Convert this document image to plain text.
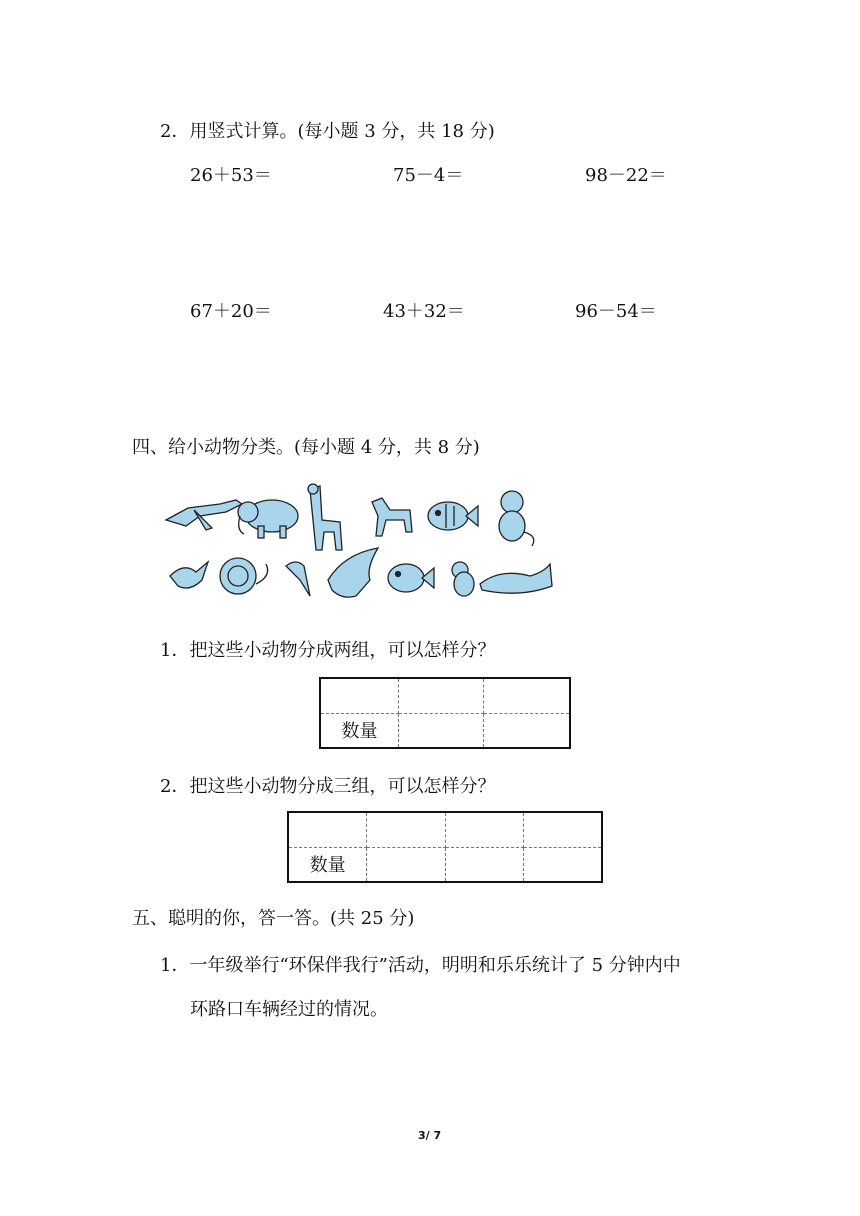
2．用竖式计算。(每小题 3 分，共 18 分)
26＋53＝	75－4＝	98－22＝
67＋20＝	43＋32＝	96－54＝
四、给小动物分类。(每小题 4 分，共 8 分)
1．把这些小动物分成两组，可以怎样分？

数量		
2．把这些小动物分成三组，可以怎样分？

数量			
五、聪明的你，答一答。(共 25 分)
1．一年级举行“环保伴我行”活动，明明和乐乐统计了 5 分钟内中
环路口车辆经过的情况。
3/ 7
